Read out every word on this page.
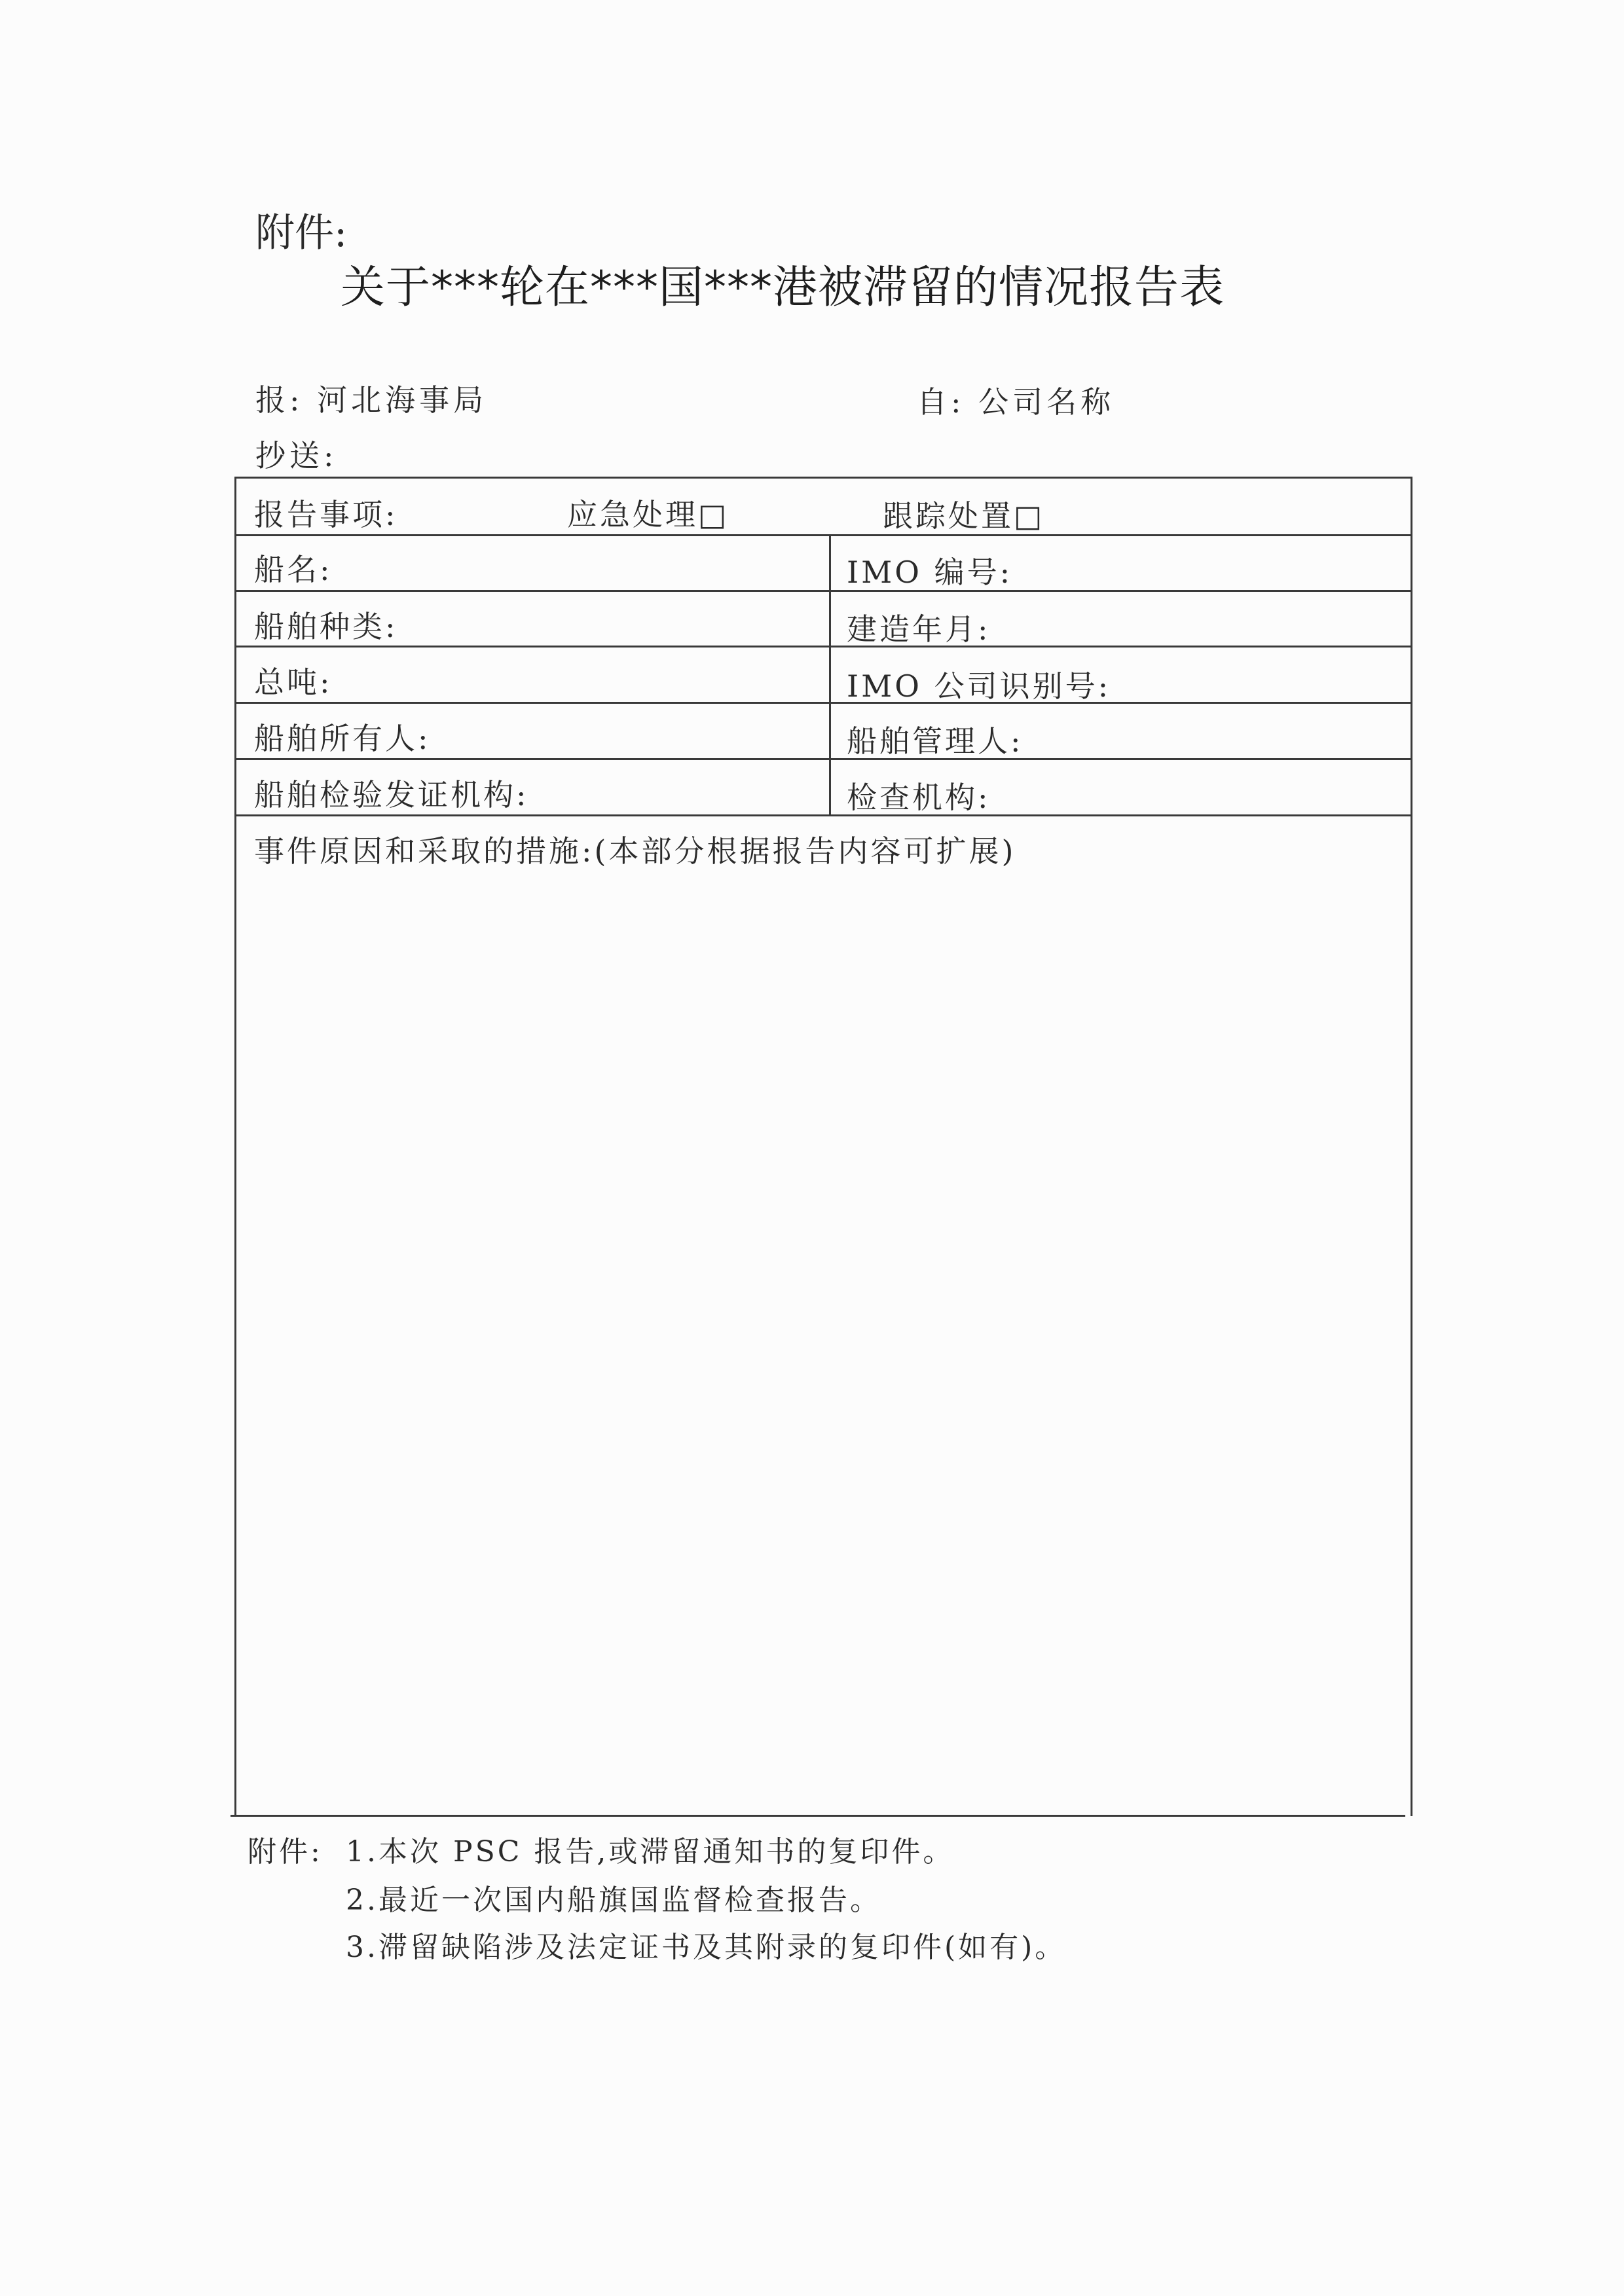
附件:
关于***轮在***国***港被滞留的情况报告表
报: 河北海事局	自: 公司名称
抄送:
报告事项:	应急处理□	跟踪处置□
船名:	IMO 编号:
船舶种类:	建造年月:
总吨:	IMO 公司识别号:
船舶所有人:	船舶管理人:
船舶检验发证机构:	检查机构:
事件原因和采取的措施:(本部分根据报告内容可扩展)
附件: 1.本次 PSC 报告,或滞留通知书的复印件。
2.最近一次国内船旗国监督检查报告。
3.滞留缺陷涉及法定证书及其附录的复印件(如有)。
